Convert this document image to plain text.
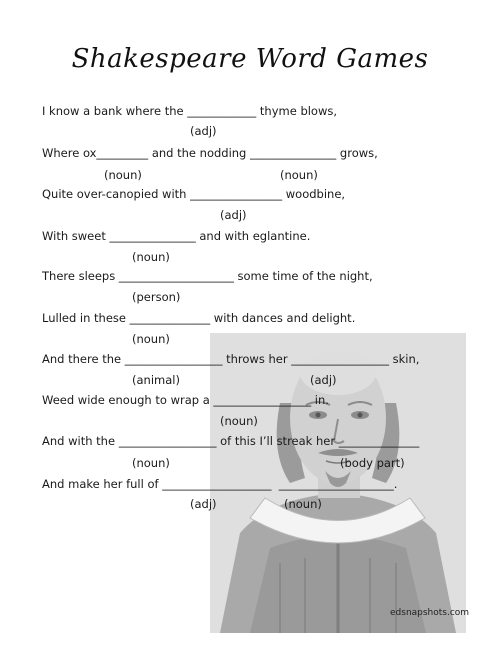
Shakespeare Word Games
I know a bank where the ____________ thyme blows,
(adj)
Where ox_________ and the nodding _______________ grows,
(noun)	(noun)
Quite over-canopied with ________________ woodbine,
(adj)
With sweet _______________ and with eglantine.
(noun)
There sleeps ____________________ some time of the night,
(person)
Lulled in these ______________ with dances and delight.
(noun)
And there the _________________ throws her _________________ skin,
(animal)	(adj)
Weed wide enough to wrap a _________________ in.
(noun)
And with the _________________ of this I’ll streak her ______________
(noun)	(body part)
And make her full of ___________________  ____________________.
(adj)	(noun)
edsnapshots.com
